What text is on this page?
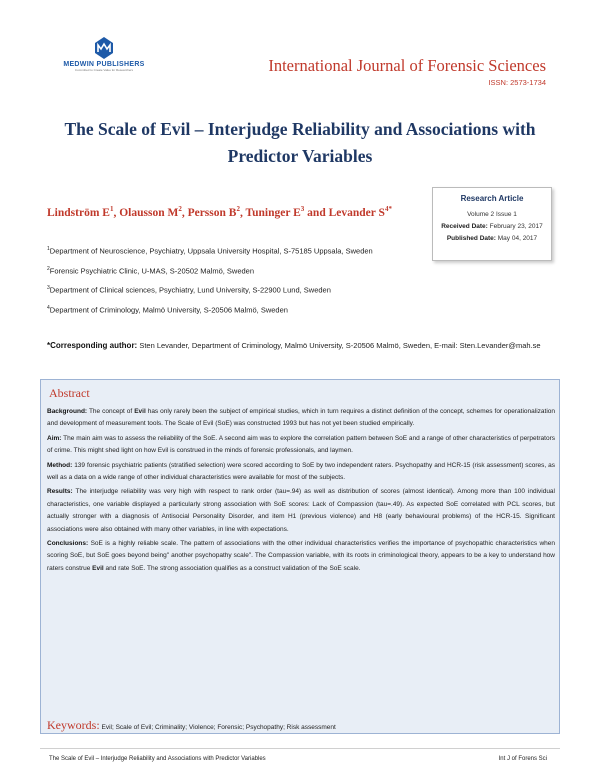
MEDWIN PUBLISHERS
Committed to Create Value for Researchers	International Journal of Forensic Sciences
ISSN: 2573-1734
The Scale of Evil – Interjudge Reliability and Associations with Predictor Variables
Lindström $E^1$, Olausson $M^2$, Persson $B^2$, Tuninger $E^3$ and Levander $S^{4*}$

$^1$Department of Neuroscience, Psychiatry, Uppsala University Hospital, S-75185 Uppsala, Sweden

$^2$Forensic Psychiatric Clinic, U-MAS, S-20502 Malmö, Sweden

$^3$Department of Clinical sciences, Psychiatry, Lund University, S-22900 Lund, Sweden

$^4$Department of Criminology, Malmö University, S-20506 Malmö, Sweden

Research Article
Volume 2 Issue 1
Received Date: February 23, 2017
Published Date: May 04, 2017
*Corresponding author: Sten Levander, Department of Criminology, Malmö University, S-20506 Malmö, Sweden, E-mail: Sten.Levander@mah.se
Abstract

Background: The concept of Evil has only rarely been the subject of empirical studies, which in turn requires a distinct definition of the concept, schemes for operationalization and development of measurement tools. The Scale of Evil (SoE) was constructed 1993 but has not yet been studied empirically.

Aim: The main aim was to assess the reliability of the SoE. A second aim was to explore the correlation pattern between SoE and a range of other characteristics of perpetrators of crime. This might shed light on how Evil is construed in the minds of forensic professionals, and laymen.

Method: 139 forensic psychiatric patients (stratified selection) were scored according to SoE by two independent raters. Psychopathy and HCR-15 (risk assessment) scores, as well as a data on a wide range of other individual characteristics were available for most of the subjects.

Results: The interjudge reliability was very high with respect to rank order (tau=.94) as well as distribution of scores (almost identical). Among more than 100 individual characteristics, one variable displayed a particularly strong association with SoE scores: Lack of Compassion (tau=.49). As expected SoE correlated with PCL scores, but actually stronger with a diagnosis of Antisocial Personality Disorder, and item H1 (previous violence) and H8 (early behavioural problems) of the HCR-15. Significant associations were also obtained with many other variables, in line with expectations.

Conclusions: SoE is a highly reliable scale. The pattern of associations with the other individual characteristics verifies the importance of psychopathic characteristics when scoring SoE, but SoE goes beyond being" another psychopathy scale". The Compassion variable, with its roots in criminological theory, appears to be a key to understand how raters construe Evil and rate SoE. The strong association qualifies as a construct validation of the SoE scale.

Keywords: Evil; Scale of Evil; Criminality; Violence; Forensic; Psychopathy; Risk assessment
The Scale of Evil – Interjudge Reliability and Associations with Predictor Variables	Int J of Forens Sci
